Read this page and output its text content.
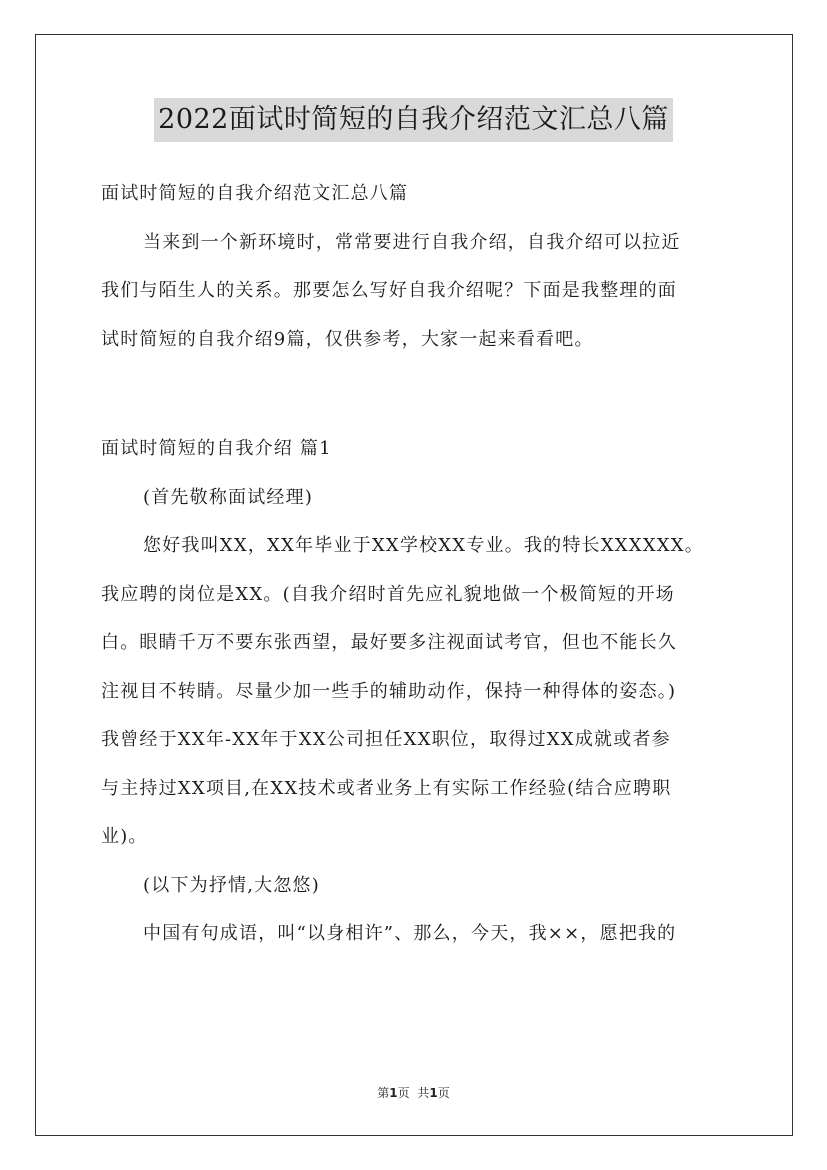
2022面试时简短的自我介绍范文汇总八篇
面试时简短的自我介绍范文汇总八篇
当来到一个新环境时，常常要进行自我介绍，自我介绍可以拉近
我们与陌生人的关系。那要怎么写好自我介绍呢？下面是我整理的面
试时简短的自我介绍9篇，仅供参考，大家一起来看看吧。
面试时简短的自我介绍 篇1
(首先敬称面试经理)
您好我叫XX，XX年毕业于XX学校XX专业。我的特长XXXXXX。
我应聘的岗位是XX。(自我介绍时首先应礼貌地做一个极简短的开场
白。眼睛千万不要东张西望，最好要多注视面试考官，但也不能长久
注视目不转睛。尽量少加一些手的辅助动作，保持一种得体的姿态。)
我曾经于XX年-XX年于XX公司担任XX职位，取得过XX成就或者参
与主持过XX项目,在XX技术或者业务上有实际工作经验(结合应聘职
业)。
(以下为抒情,大忽悠)
中国有句成语，叫“以身相许”、那么，今天，我××，愿把我的
第1页 共1页
